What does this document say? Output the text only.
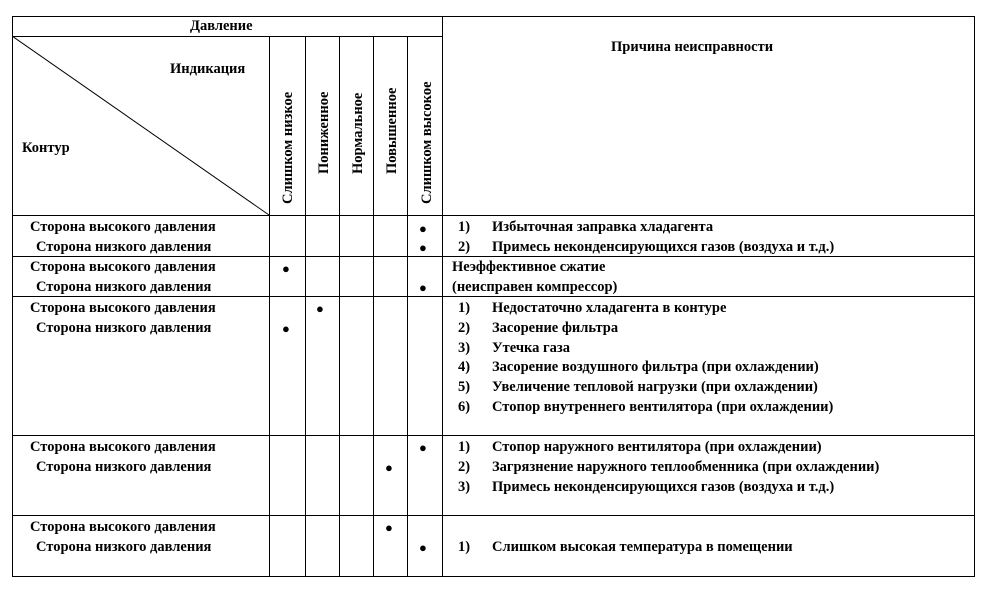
Давление
Индикация
Контур
Причина неисправности
Слишком низкое Пониженное Нормальное Повышенное Слишком высокое
Сторона высокого давления
Сторона низкого давления
●
●
1) Избыточная заправка хладагента
2) Примесь неконденсирующихся газов (воздуха и т.д.)
Сторона высокого давления
Сторона низкого давления
●
●
Неэффективное сжатие
(неисправен компрессор)
Сторона высокого давления
Сторона низкого давления
●
●
1) Недостаточно хладагента в контуре
2) Засорение фильтра
3) Утечка газа
4) Засорение воздушного фильтра (при охлаждении)
5) Увеличение тепловой нагрузки (при охлаждении)
6) Стопор внутреннего вентилятора (при охлаждении)
Сторона высокого давления
Сторона низкого давления
●
●
1) Стопор наружного вентилятора (при охлаждении)
2) Загрязнение наружного теплообменника (при охлаждении)
3) Примесь неконденсирующихся газов (воздуха и т.д.)
Сторона высокого давления
Сторона низкого давления
●
● 1) Слишком высокая температура в помещении
